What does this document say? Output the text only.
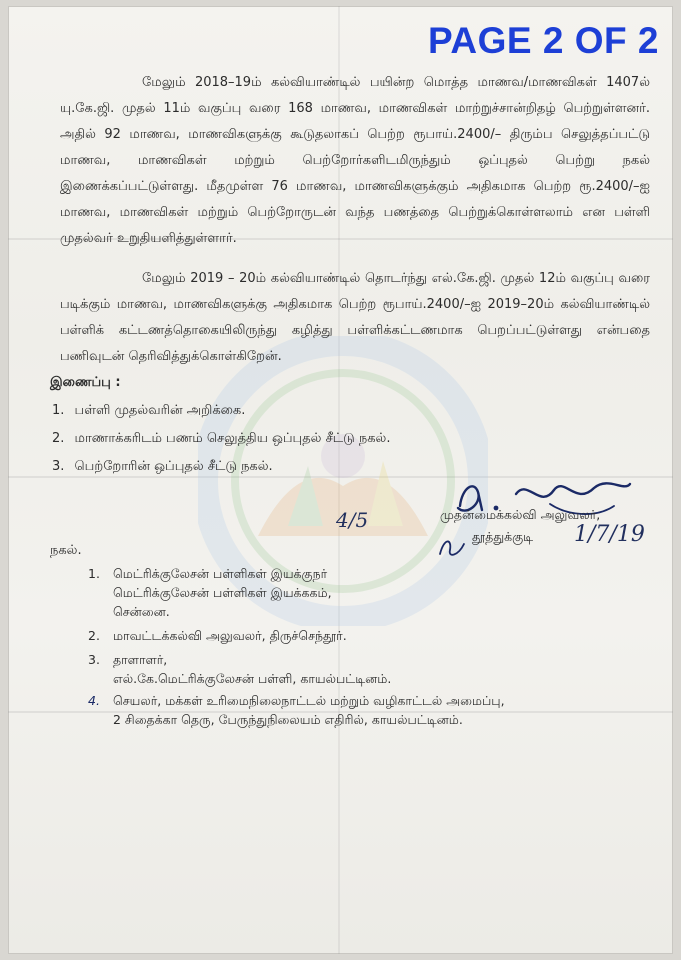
PAGE 2 OF 2
மேலும் 2018–19ம் கல்வியாண்டில் பயின்ற மொத்த மாணவ/மாணவிகள் 1407ல் யு.கே.ஜி. முதல் 11ம் வகுப்பு வரை 168 மாணவ, மாணவிகள் மாற்றுச்சான்றிதழ் பெற்றுள்ளனர். அதில் 92 மாணவ, மாணவிகளுக்கு கூடுதலாகப் பெற்ற ரூபாய்.2400/– திரும்ப செலுத்தப்பட்டு மாணவ, மாணவிகள் மற்றும் பெற்றோர்களிடமிருந்தும் ஒப்புதல் பெற்று நகல் இணைக்கப்பட்டுள்ளது. மீதமுள்ள 76 மாணவ, மாணவிகளுக்கும் அதிகமாக பெற்ற ரூ.2400/–ஐ மாணவ, மாணவிகள் மற்றும் பெற்றோருடன் வந்த பணத்தை பெற்றுக்கொள்ளலாம் என பள்ளி முதல்வர் உறுதியளித்துள்ளார்.
மேலும் 2019 – 20ம் கல்வியாண்டில் தொடர்ந்து எல்.கே.ஜி. முதல் 12ம் வகுப்பு வரை படிக்கும் மாணவ, மாணவிகளுக்கு அதிகமாக பெற்ற ரூபாய்.2400/–ஐ 2019–20ம் கல்வியாண்டில் பள்ளிக் கட்டணத்தொகையிலிருந்து கழித்து பள்ளிக்கட்டணமாக பெறப்பட்டுள்ளது என்பதை பணிவுடன் தெரிவித்துக்கொள்கிறேன்.
இணைப்பு :
1. பள்ளி முதல்வரின் அறிக்கை.
2. மாணாக்கரிடம் பணம் செலுத்திய ஒப்புதல் சீட்டு நகல்.
3. பெற்றோரின் ஒப்புதல் சீட்டு நகல்.
4/5
1/7/19
முதன்மைக்கல்வி அலுவலர்,
தூத்துக்குடி
நகல்.
1.	மெட்ரிக்குலேசன் பள்ளிகள் இயக்குநர்
மெட்ரிக்குலேசன் பள்ளிகள் இயக்ககம்,
சென்னை.
2.	மாவட்டக்கல்வி அலுவலர், திருச்செந்தூர்.
3.	தாளாளர்,
எல்.கே.மெட்ரிக்குலேசன் பள்ளி, காயல்பட்டினம்.
4.	செயலர், மக்கள் உரிமைநிலைநாட்டல் மற்றும் வழிகாட்டல் அமைப்பு,
2 சிதைக்கா தெரு, பேருந்துநிலையம் எதிரில், காயல்பட்டினம்.
